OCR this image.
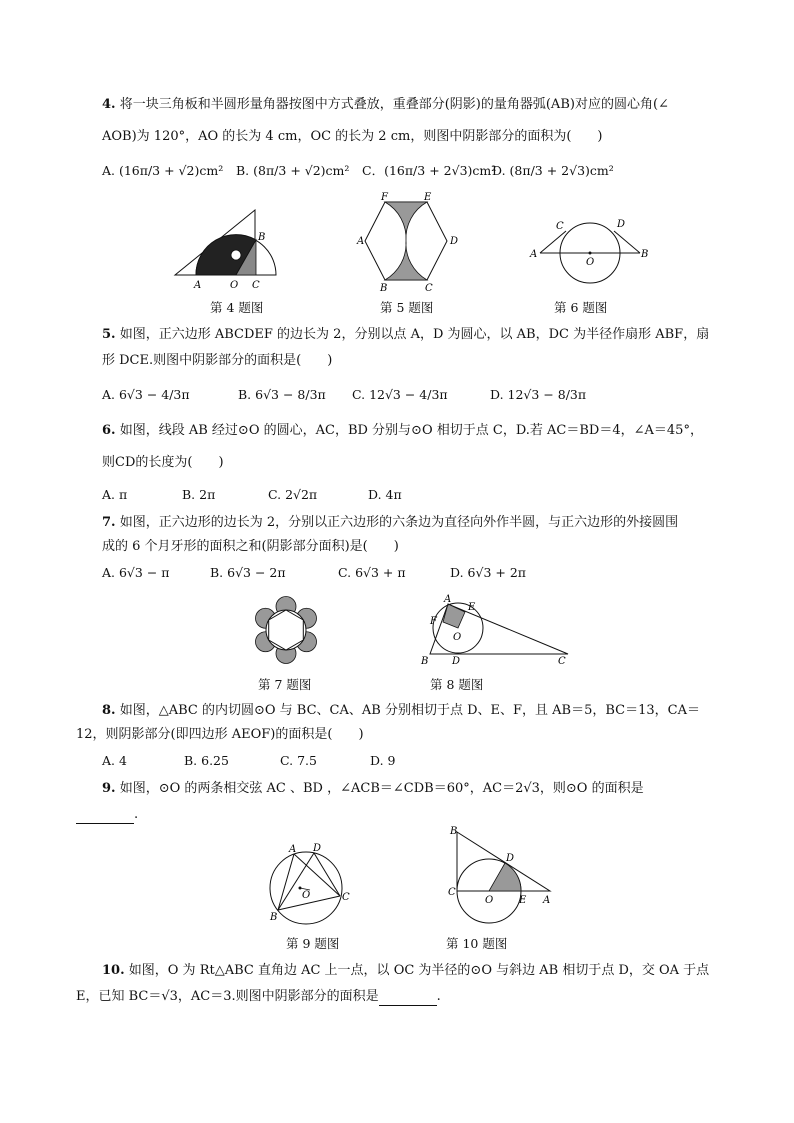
4. 将一块三角板和半圆形量角器按图中方式叠放，重叠部分(阴影)的量角器弧(AB)对应的圆心角(∠
AOB)为 120°，AO 的长为 4 cm，OC 的长为 2 cm，则图中阴影部分的面积为(　　)
A. (16π/3 + √2)cm² B. (8π/3 + √2)cm² C．(16π/3 + 2√3)cm²
D. (8π/3 + 2√3)cm²
A	O C
B
第 4 题图
F	E
A	D
B	C
第 5 题图
A	B
C	D
O
第 6 题图
5. 如图，正六边形 ABCDEF 的边长为 2，分别以点 A，D 为圆心，以 AB，DC 为半径作扇形 ABF，扇
形 DCE.则图中阴影部分的面积是(　　)
A. 6√3 − 4/3π	B. 6√3 − 8/3π C. 12√3 − 4/3π	D. 12√3 − 8/3π
6. 如图，线段 AB 经过⊙O 的圆心，AC，BD 分别与⊙O 相切于点 C，D.若 AC＝BD＝4，∠A＝45°，
则CD的长度为(　　)
A. π	B. 2π	C. 2√2π	D. 4π
7. 如图，正六边形的边长为 2，分别以正六边形的六条边为直径向外作半圆，与正六边形的外接圆围
成的 6 个月牙形的面积之和(阴影部分面积)是(　　)
A. 6√3 − π	B. 6√3 − 2π	C. 6√3 + π	D. 6√3 + 2π
第 7 题图
A
E
F
O
B D	C
第 8 题图
8. 如图，△ABC 的内切圆⊙O 与 BC、CA、AB 分别相切于点 D、E、F，且 AB＝5，BC＝13，CA＝
12，则阴影部分(即四边形 AEOF)的面积是(　　)
A. 4	B. 6.25	C. 7.5	D. 9
9. 如图，⊙O 的两条相交弦 AC 、BD ，∠ACB＝∠CDB＝60°，AC＝2√3，则⊙O 的面积是
.
A D
O	C
B
第 9 题图
B
D
C
O	E A
第 10 题图
10. 如图，O 为 Rt△ABC 直角边 AC 上一点，以 OC 为半径的⊙O 与斜边 AB 相切于点 D，交 OA 于点
E，已知 BC＝√3，AC＝3.则图中阴影部分的面积是	.
